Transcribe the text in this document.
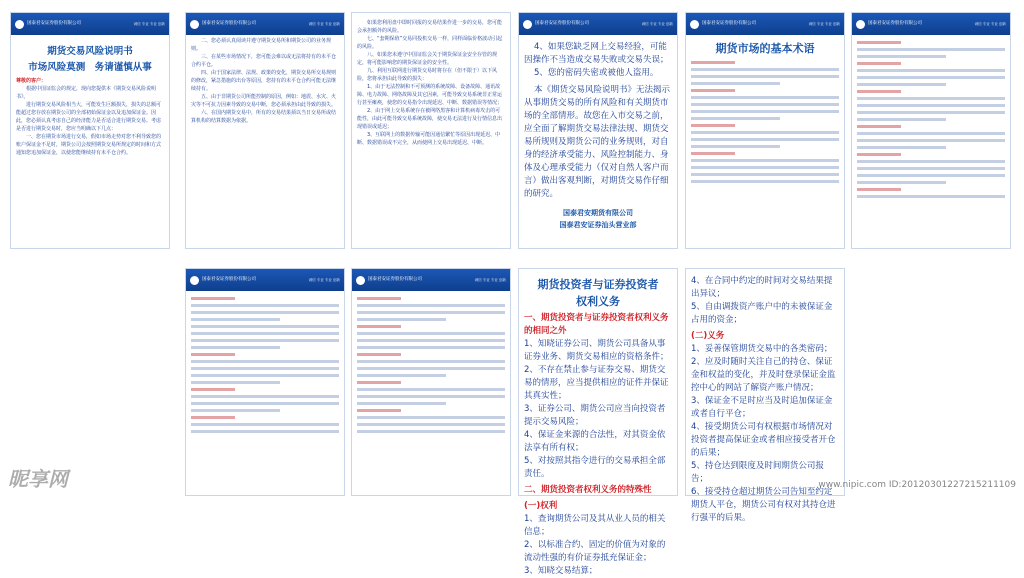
国泰君安证券股份有限公司	诚信 专业 专业 创新
期货交易风险说明书
市场风险莫测　务请谨慎从事

尊敬的客户：

根据中国证监会的规定，现向您提供本《期货交易风险说明书》。

进行期货交易风险相当大，可能发生巨额损失，损失的总额可能超过您存放在期货公司的全部初始保证金以及追加保证金。因此，您必须认真考虑自己的经济能力是否适合进行期货交易。考虑是否进行期货交易时，您应当明确以下几点：

一、您在期货市场进行交易，假如市场走势对您不利导致您的账户保证金不足时，期货公司会按照期货交易所规定的时间和方式通知您追加保证金，以使您能继续持有未平仓合约。

国泰君安证券股份有限公司	诚信 专业 专业 创新

二、您必须认真阅读并遵守期货交易所和期货公司的业务规则。

三、在某些市场情况下，您可能会难以或无法将持有的未平仓合约平仓。

四、由于国家法律、法规、政策的变化，期货交易所交易规则的修改，紧急措施的出台等原因，您持有的未平仓合约可能无法继续持有。

五、由于非期货公司所能控制的原因，例如：地震、水灾、火灾等不可抗力因素导致的交易中断，您必须承担由此导致的损失。

六、在国内期货交易中，所有的交易结果须以当日交易所或结算机构的结算数据为依据。

如果您利用盘中即时回报的交易结果作进一步的交易，您可能会承担额外的风险。

七、“套期保值”交易同投机交易一样，同样面临价格波动引起的风险。

八、如果您未遵守中国证监会关于期货保证金安全存管的规定，将可能影响您的期货保证金的安全性。

九、利用互联网进行期货交易时将存在（但不限于）以下风险，您将承担由此导致的损失：

1、由于无法控制和不可预测的系统故障、设备故障、通讯故障、电力故障、网络故障及其它因素，可能导致交易系统非正常运行甚至瘫痪，使您的交易指令出现延迟、中断、数据错误等情况；

2、由于网上交易系统存在被网络黑客和计算机病毒攻击的可能性，由此可能导致交易系统故障，使交易无法进行及行情信息出现错误或延迟；

3、互联网上的数据传输可能因通信繁忙等原因出现延迟、中断、数据错误或不完全，从而使网上交易出现延迟、中断。

国泰君安证券股份有限公司	诚信 专业 专业 创新

4、如果您缺乏网上交易经验，可能因操作不当造成交易失败或交易失误；

5、您的密码失密或被他人盗用。

本《期货交易风险说明书》无法揭示从事期货交易的所有风险和有关期货市场的全部情形。故您在入市交易之前，应全面了解期货交易法律法规、期货交易所规则及期货公司的业务规则，对自身的经济承受能力、风险控制能力、身体及心理承受能力（仅对自然人客户而言）做出客观判断，对期货交易作仔细的研究。

国泰君安期货有限公司
国泰君安证券汕头营业部
国泰君安证券股份有限公司	诚信 专业 专业 创新
期货市场的基本术语
国泰君安证券股份有限公司	诚信 专业 专业 创新
国泰君安证券股份有限公司	诚信 专业 专业 创新	国泰君安证券股份有限公司	诚信 专业 专业 创新	期货投资者与证券投资者
权利义务
一、期货投资者与证券投资者权利义务的相同之外
1、知晓证券公司、期货公司具备从事证券业务、期货交易相应的资格条件；
2、不存在禁止参与证券交易、期货交易的情形，应当提供相应的证件并保证其真实性；
3、证券公司、期货公司应当向投资者提示交易风险；
4、保证金来源的合法性，对其资金依法享有所有权；
5、对按照其指令进行的交易承担全部责任。
二、期货投资者权利义务的特殊性
(一)权利
1、查询期货公司及其从业人员的相关信息；
2、以标准合约、固定的价值为对象的流动性强的有价证券抵充保证金；
3、知晓交易结算；
4、在合同中约定的时间对交易结果提出异议；
5、自由调拨资产账户中的未被保证金占用的资金；
(二)义务
1、妥善保管期货交易中的各类密码；
2、应及时随时关注自己的持仓、保证金和权益的变化，并及时登录保证金监控中心的网站了解资产账户情况；
3、保证金不足时应当及时追加保证金或者自行平仓；
4、接受期货公司有权根据市场情况对投资者提高保证金或者相应接受者开仓的后果；
5、持仓达到限度及时间期货公司报告；
6、接受持仓超过期货公司告知至约定期货人平仓，期货公司有权对其持仓进行强平的后果。
昵享网	www.nipic.com ID:20120301227215211109
